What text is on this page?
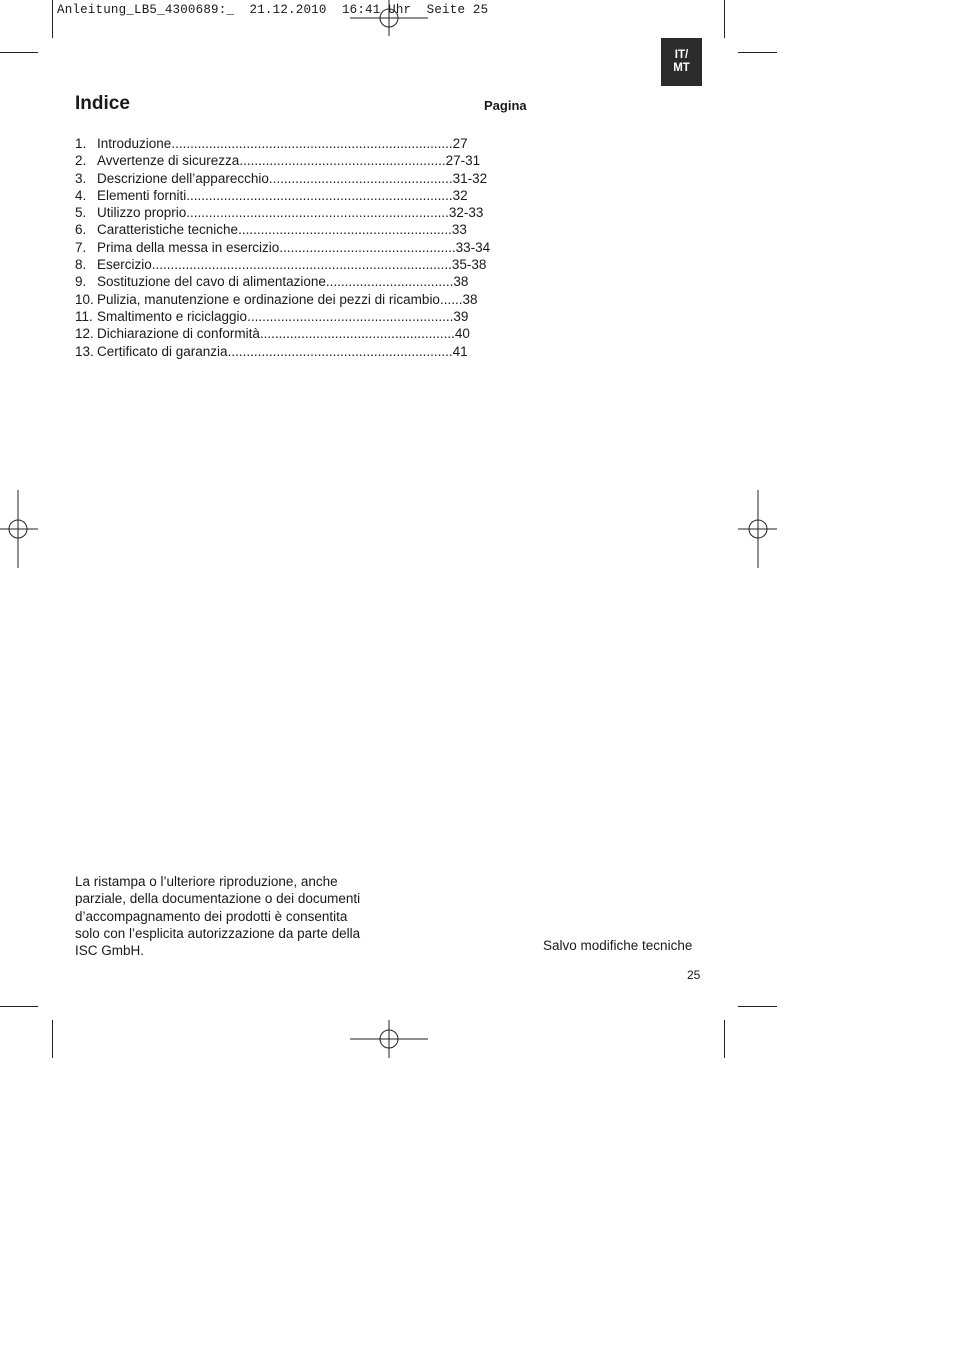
Anleitung_LB5_4300689:_  21.12.2010  16:41 Uhr  Seite 25
IT/
MT
Indice	Pagina
1. Introduzione ........................................................................... 27
2. Avvertenze di sicurezza ....................................................... 27-31
3. Descrizione dell’apparecchio ................................................. 31-32
4. Elementi forniti ....................................................................... 32
5. Utilizzo proprio ...................................................................... 32-33
6. Caratteristiche tecniche ......................................................... 33
7. Prima della messa in esercizio ............................................... 33-34
8. Esercizio ................................................................................ 35-38
9. Sostituzione del cavo di alimentazione .................................. 38
10. Pulizia, manutenzione e ordinazione dei pezzi di ricambio ...... 38
11. Smaltimento e riciclaggio ....................................................... 39
12. Dichiarazione di conformità .................................................... 40
13. Certificato di garanzia ............................................................ 41
La ristampa o l’ulteriore riproduzione, anche
parziale, della documentazione o dei documenti
d’accompagnamento dei prodotti è consentita
solo con l’esplicita autorizzazione da parte della
ISC GmbH.	Salvo modifiche tecniche
25
